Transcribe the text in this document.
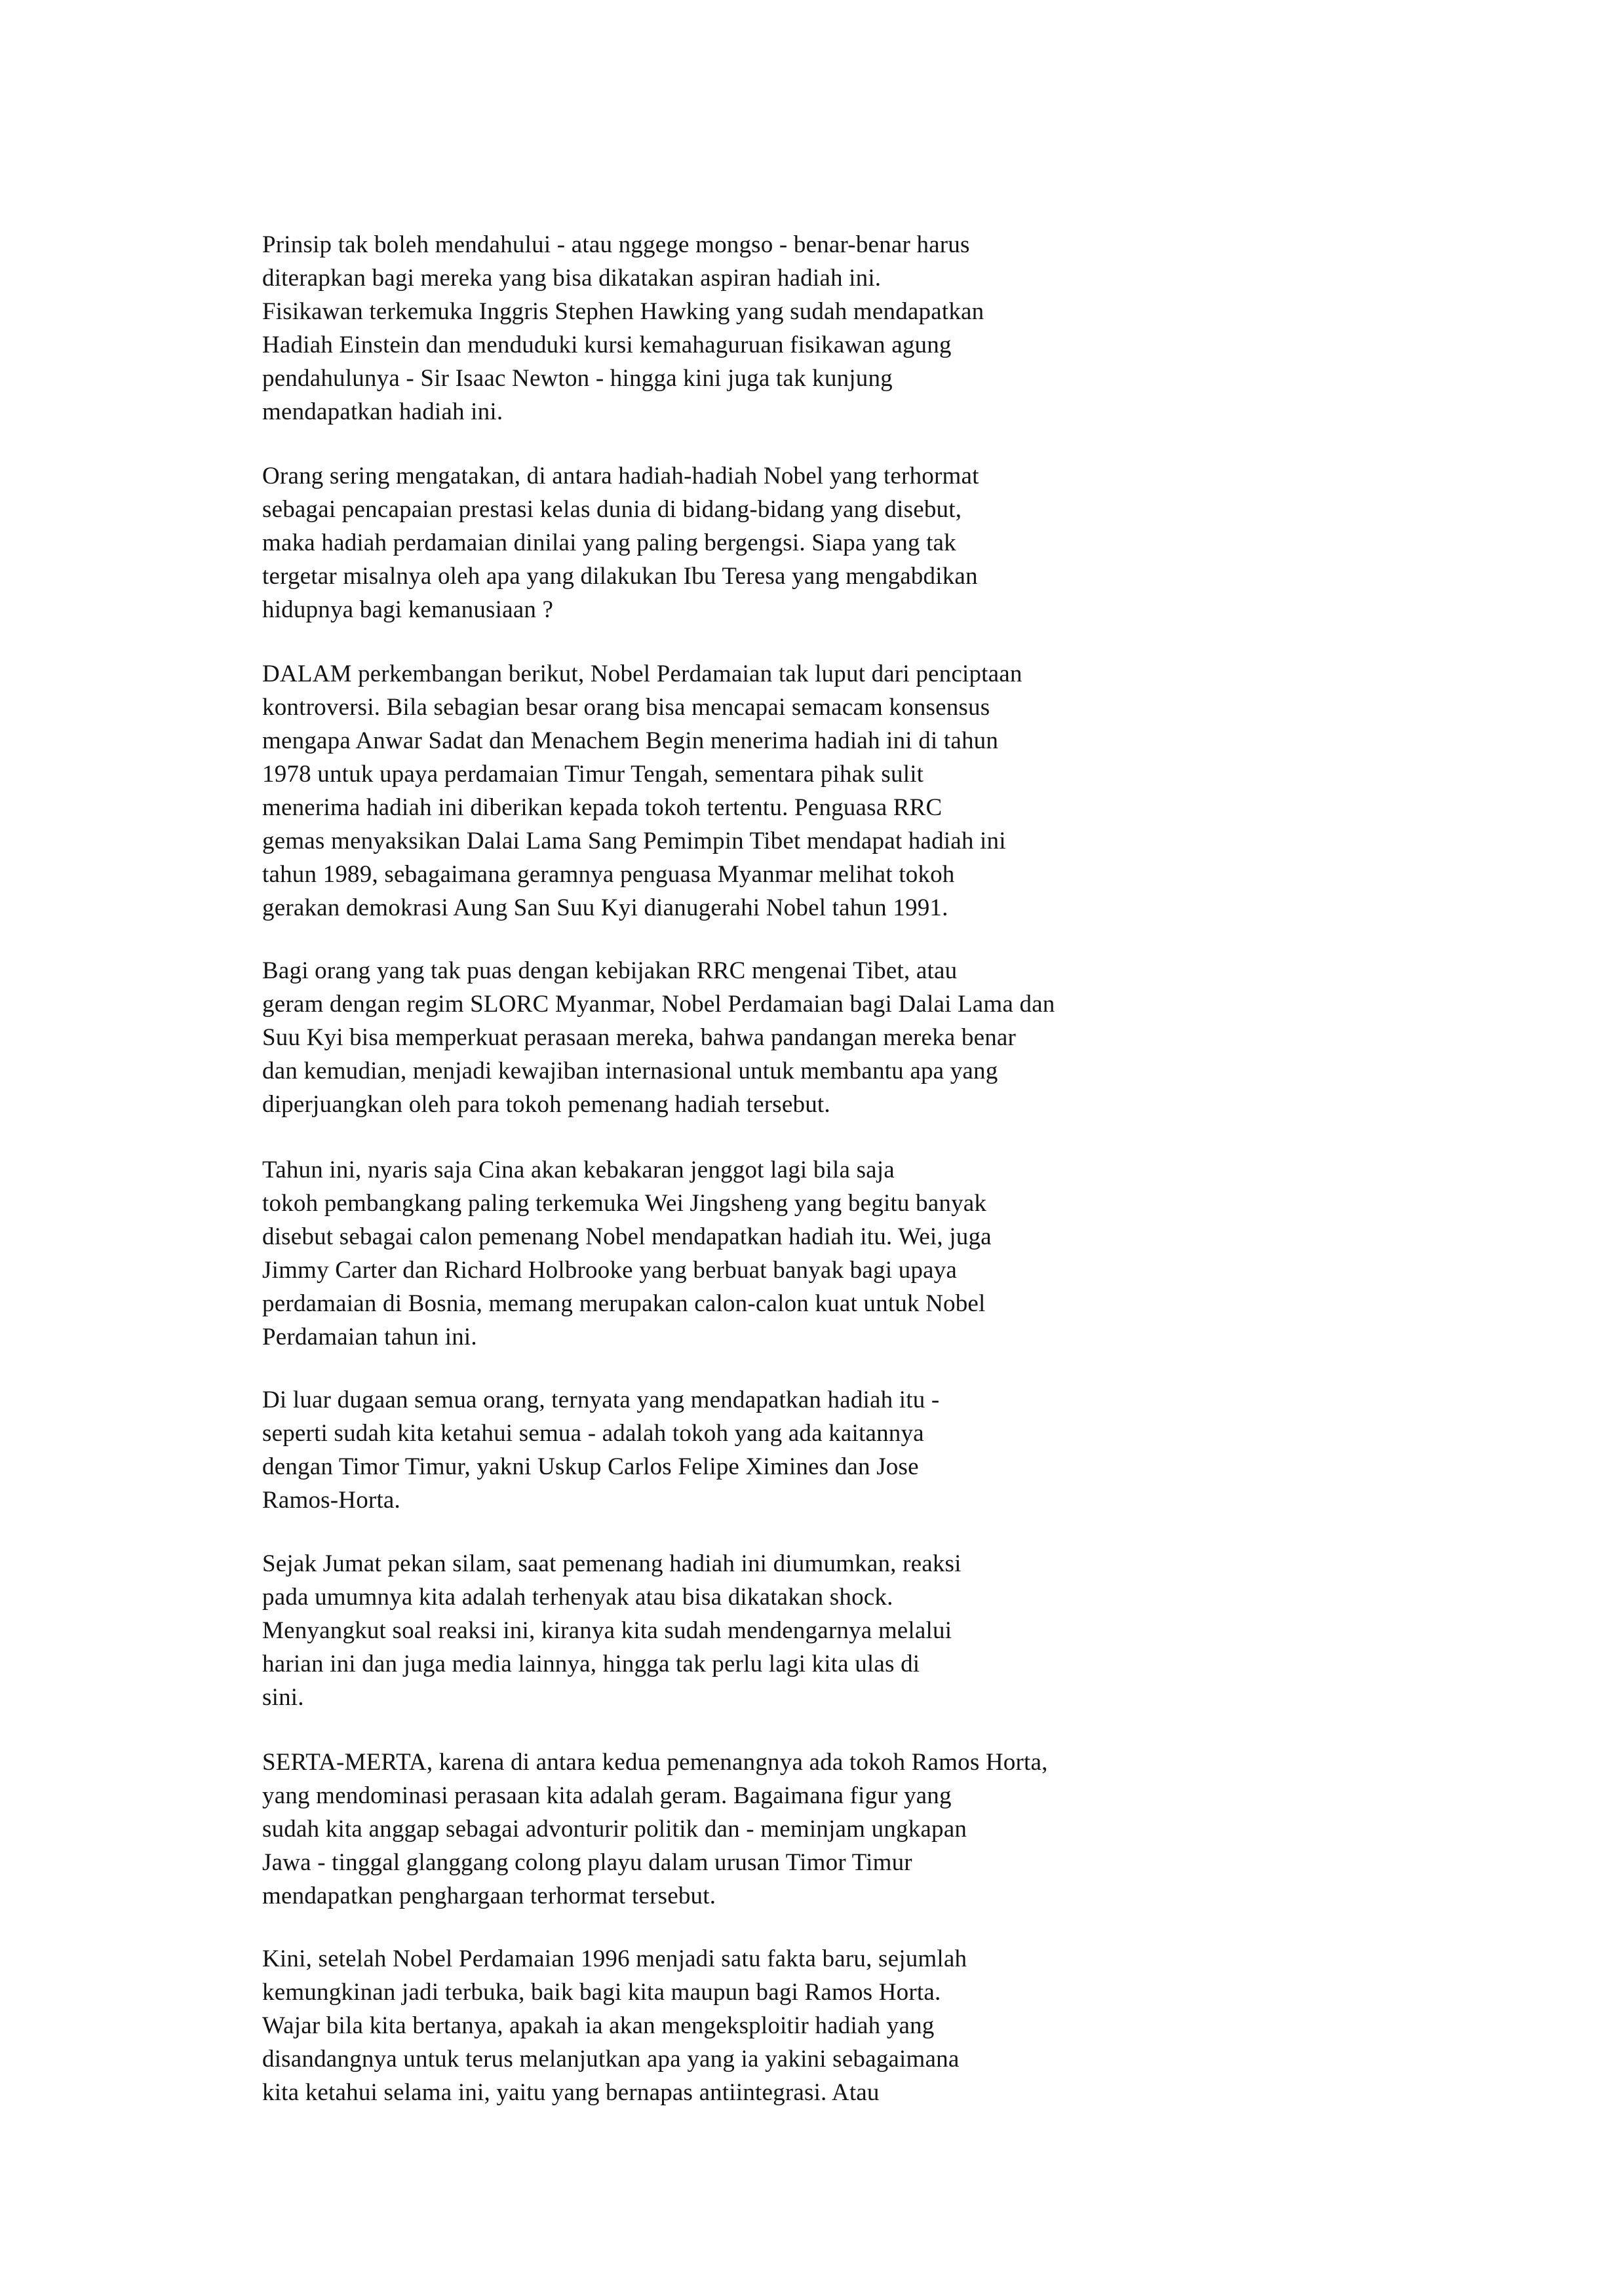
Prinsip tak boleh mendahului - atau nggege mongso - benar-benar harus
diterapkan bagi mereka yang bisa dikatakan aspiran hadiah ini.
Fisikawan terkemuka Inggris Stephen Hawking yang sudah mendapatkan
Hadiah Einstein dan menduduki kursi kemahaguruan fisikawan agung
pendahulunya - Sir Isaac Newton - hingga kini juga tak kunjung
mendapatkan hadiah ini.
Orang sering mengatakan, di antara hadiah-hadiah Nobel yang terhormat
sebagai pencapaian prestasi kelas dunia di bidang-bidang yang disebut,
maka hadiah perdamaian dinilai yang paling bergengsi. Siapa yang tak
tergetar misalnya oleh apa yang dilakukan Ibu Teresa yang mengabdikan
hidupnya bagi kemanusiaan ?
DALAM perkembangan berikut, Nobel Perdamaian tak luput dari penciptaan
kontroversi. Bila sebagian besar orang bisa mencapai semacam konsensus
mengapa Anwar Sadat dan Menachem Begin menerima hadiah ini di tahun
1978 untuk upaya perdamaian Timur Tengah, sementara pihak sulit
menerima hadiah ini diberikan kepada tokoh tertentu. Penguasa RRC
gemas menyaksikan Dalai Lama Sang Pemimpin Tibet mendapat hadiah ini
tahun 1989, sebagaimana geramnya penguasa Myanmar melihat tokoh
gerakan demokrasi Aung San Suu Kyi dianugerahi Nobel tahun 1991.
Bagi orang yang tak puas dengan kebijakan RRC mengenai Tibet, atau
geram dengan regim SLORC Myanmar, Nobel Perdamaian bagi Dalai Lama dan
Suu Kyi bisa memperkuat perasaan mereka, bahwa pandangan mereka benar
dan kemudian, menjadi kewajiban internasional untuk membantu apa yang
diperjuangkan oleh para tokoh pemenang hadiah tersebut.
Tahun ini, nyaris saja Cina akan kebakaran jenggot lagi bila saja
tokoh pembangkang paling terkemuka Wei Jingsheng yang begitu banyak
disebut sebagai calon pemenang Nobel mendapatkan hadiah itu. Wei, juga
Jimmy Carter dan Richard Holbrooke yang berbuat banyak bagi upaya
perdamaian di Bosnia, memang merupakan calon-calon kuat untuk Nobel
Perdamaian tahun ini.
Di luar dugaan semua orang, ternyata yang mendapatkan hadiah itu -
seperti sudah kita ketahui semua - adalah tokoh yang ada kaitannya
dengan Timor Timur, yakni Uskup Carlos Felipe Ximines dan Jose
Ramos-Horta.
Sejak Jumat pekan silam, saat pemenang hadiah ini diumumkan, reaksi
pada umumnya kita adalah terhenyak atau bisa dikatakan shock.
Menyangkut soal reaksi ini, kiranya kita sudah mendengarnya melalui
harian ini dan juga media lainnya, hingga tak perlu lagi kita ulas di
sini.
SERTA-MERTA, karena di antara kedua pemenangnya ada tokoh Ramos Horta,
yang mendominasi perasaan kita adalah geram. Bagaimana figur yang
sudah kita anggap sebagai advonturir politik dan - meminjam ungkapan
Jawa - tinggal glanggang colong playu dalam urusan Timor Timur
mendapatkan penghargaan terhormat tersebut.
Kini, setelah Nobel Perdamaian 1996 menjadi satu fakta baru, sejumlah
kemungkinan jadi terbuka, baik bagi kita maupun bagi Ramos Horta.
Wajar bila kita bertanya, apakah ia akan mengeksploitir hadiah yang
disandangnya untuk terus melanjutkan apa yang ia yakini sebagaimana
kita ketahui selama ini, yaitu yang bernapas antiintegrasi. Atau
